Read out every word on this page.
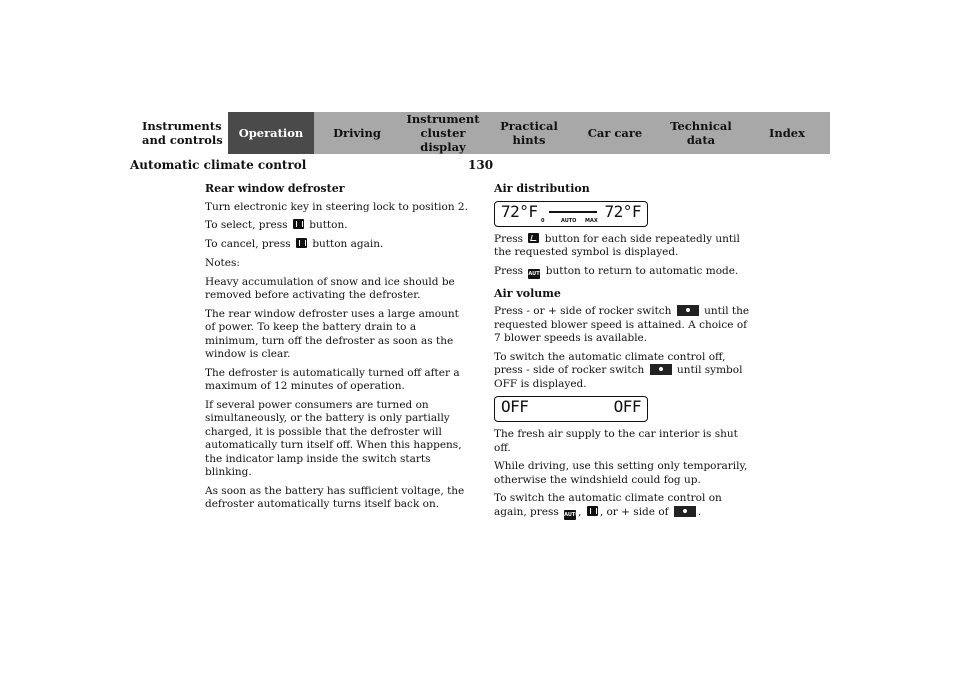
Instruments
and controls	Operation	Driving
Instrument
cluster display
Practical hints	Car care	Technical
data	Index
Automatic climate control	130
Rear window defroster
Turn electronic key in steering lock to position 2.
To select, press button.
To cancel, press button again.
Notes:
Heavy accumulation of snow and ice should be removed before activating the defroster.
The rear window defroster uses a large amount of power. To keep the battery drain to a minimum, turn off the defroster as soon as the window is clear.
The defroster is automatically turned off after a maximum of 12 minutes of operation.
If several power consumers are turned on simultaneously, or the battery is only partially charged, it is possible that the defroster will automatically turn itself off. When this happens, the indicator lamp inside the switch starts blinking.
As soon as the battery has sufficient voltage, the defroster automatically turns itself back on.
Air distribution
72°F 0	AUTO MAX 72°F
Press button for each side repeatedly until the requested symbol is displayed.
Press AUTO button to return to automatic mode.
Air volume
Press - or + side of rocker switch	until the requested blower speed is attained. A choice of 7 blower speeds is available.
To switch the automatic climate control off, press - side of rocker switch	until symbol OFF is displayed.
OFF	OFF
The fresh air supply to the car interior is shut off.
While driving, use this setting only temporarily, otherwise the windshield could fog up.
To switch the automatic climate control on again, press AUTO , , or + side of	.
